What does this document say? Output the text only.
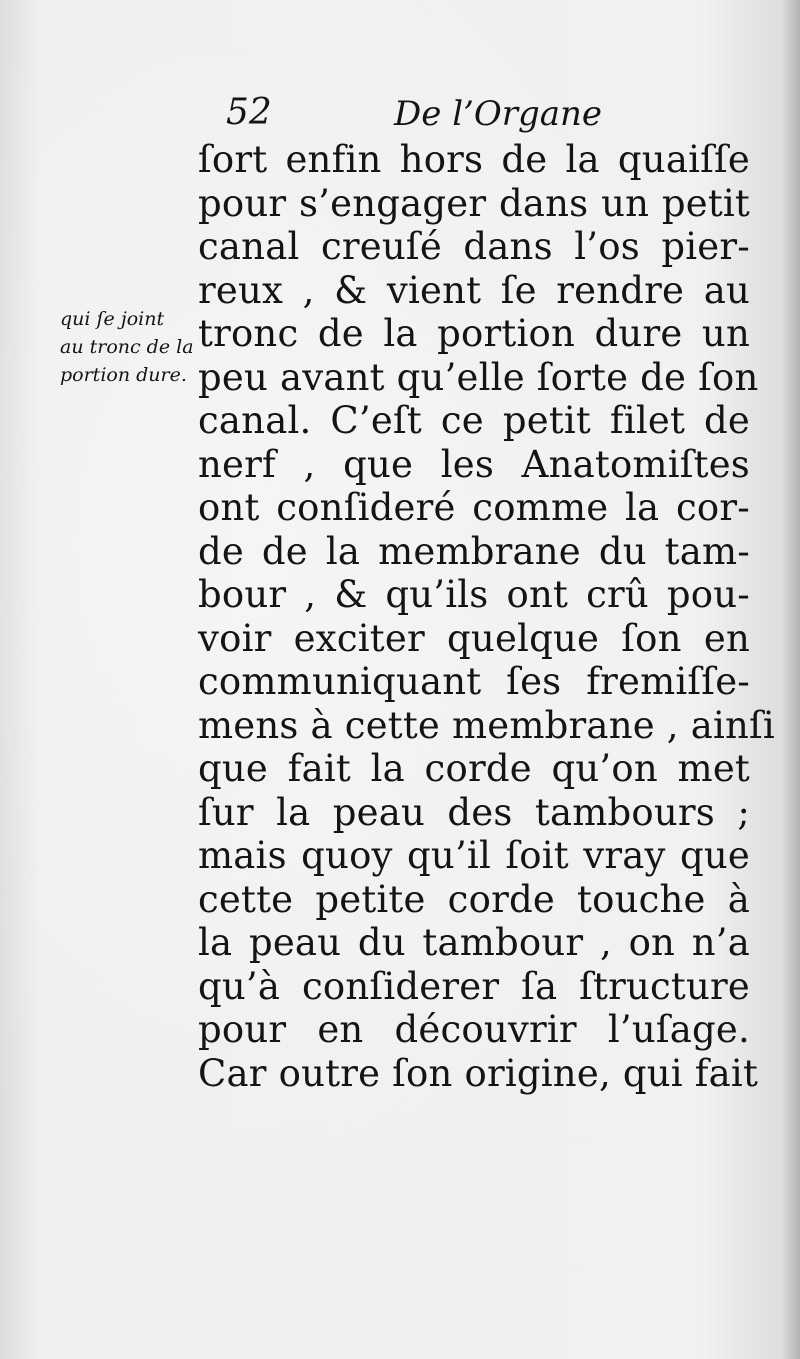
52	De l’Organe
qui ſe joint
au tronc de la
portion dure.
ſort enfin hors de la quaiſſe
pour s’engager dans un petit
canal creuſé dans l’os pier-
reux , & vient ſe rendre au
tronc de la portion dure un
peu avant qu’elle ſorte de ſon
canal. C’eſt ce petit filet de
nerf , que les Anatomiſtes
ont conſideré comme la cor-
de de la membrane du tam-
bour , & qu’ils ont crû pou-
voir exciter quelque ſon en
communiquant ſes fremiſſe-
mens à cette membrane , ainſi
que fait la corde qu’on met
ſur la peau des tambours ;
mais quoy qu’il ſoit vray que
cette petite corde touche à
la peau du tambour , on n’a
qu’à conſiderer ſa ſtructure
pour en découvrir l’uſage.
Car outre ſon origine, qui fait
